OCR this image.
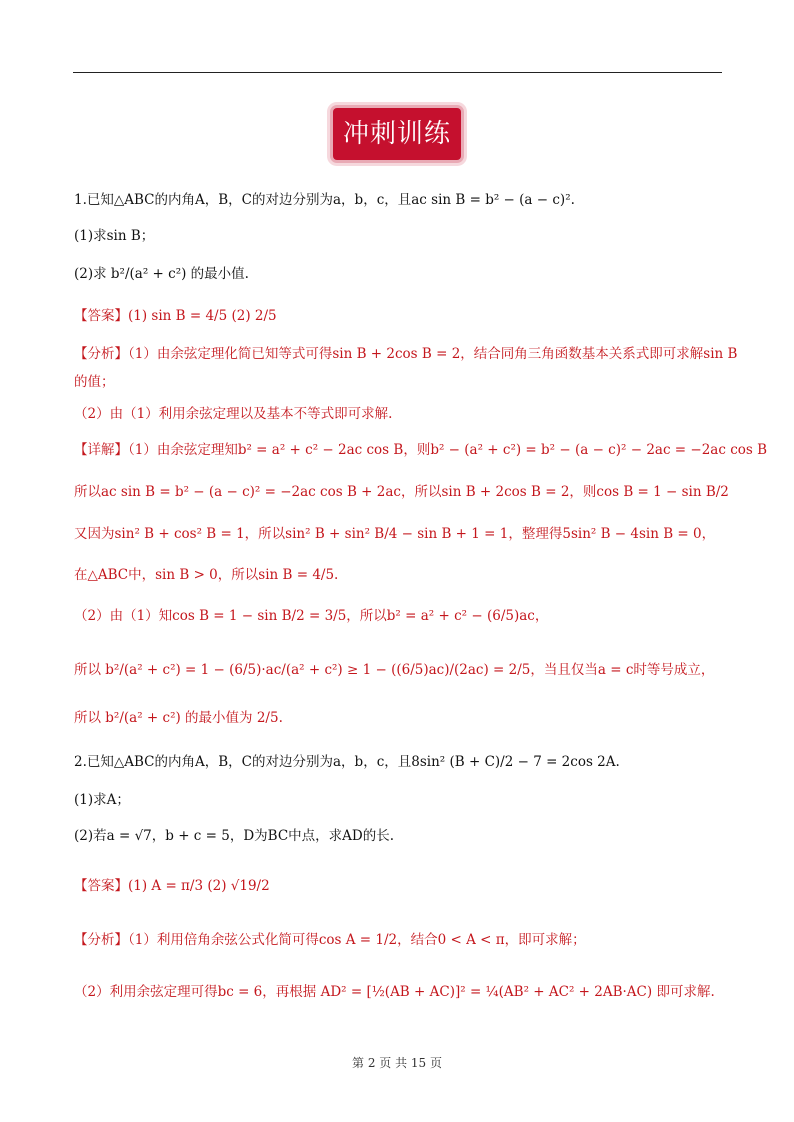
冲刺训练
1.已知△ABC的内角A，B，C的对边分别为a，b，c，且ac sin B = b² − (a − c)².
(1)求sin B；
(2)求 b²/(a² + c²) 的最小值.
【答案】(1) sin B = 4/5 (2) 2/5
【分析】（1）由余弦定理化简已知等式可得sin B + 2cos B = 2，结合同角三角函数基本关系式即可求解sin B
的值；
（2）由（1）利用余弦定理以及基本不等式即可求解.
【详解】（1）由余弦定理知b² = a² + c² − 2ac cos B，则b² − (a² + c²) = b² − (a − c)² − 2ac = −2ac cos B
所以ac sin B = b² − (a − c)² = −2ac cos B + 2ac，所以sin B + 2cos B = 2，则cos B = 1 − sin B/2
又因为sin² B + cos² B = 1，所以sin² B + sin² B/4 − sin B + 1 = 1，整理得5sin² B − 4sin B = 0，
在△ABC中，sin B > 0，所以sin B = 4/5.
（2）由（1）知cos B = 1 − sin B/2 = 3/5，所以b² = a² + c² − (6/5)ac，
所以 b²/(a² + c²) = 1 − (6/5)·ac/(a² + c²) ≥ 1 − ((6/5)ac)/(2ac) = 2/5，当且仅当a = c时等号成立，
所以 b²/(a² + c²) 的最小值为 2/5.
2.已知△ABC的内角A，B，C的对边分别为a，b，c，且8sin² (B + C)/2 − 7 = 2cos 2A.
(1)求A；
(2)若a = √7，b + c = 5，D为BC中点，求AD的长.
【答案】(1) A = π/3 (2) √19/2
【分析】（1）利用倍角余弦公式化简可得cos A = 1/2，结合0 < A < π，即可求解；
（2）利用余弦定理可得bc = 6，再根据 AD² = [½(AB + AC)]² = ¼(AB² + AC² + 2AB·AC) 即可求解.
第 2 页 共 15 页
